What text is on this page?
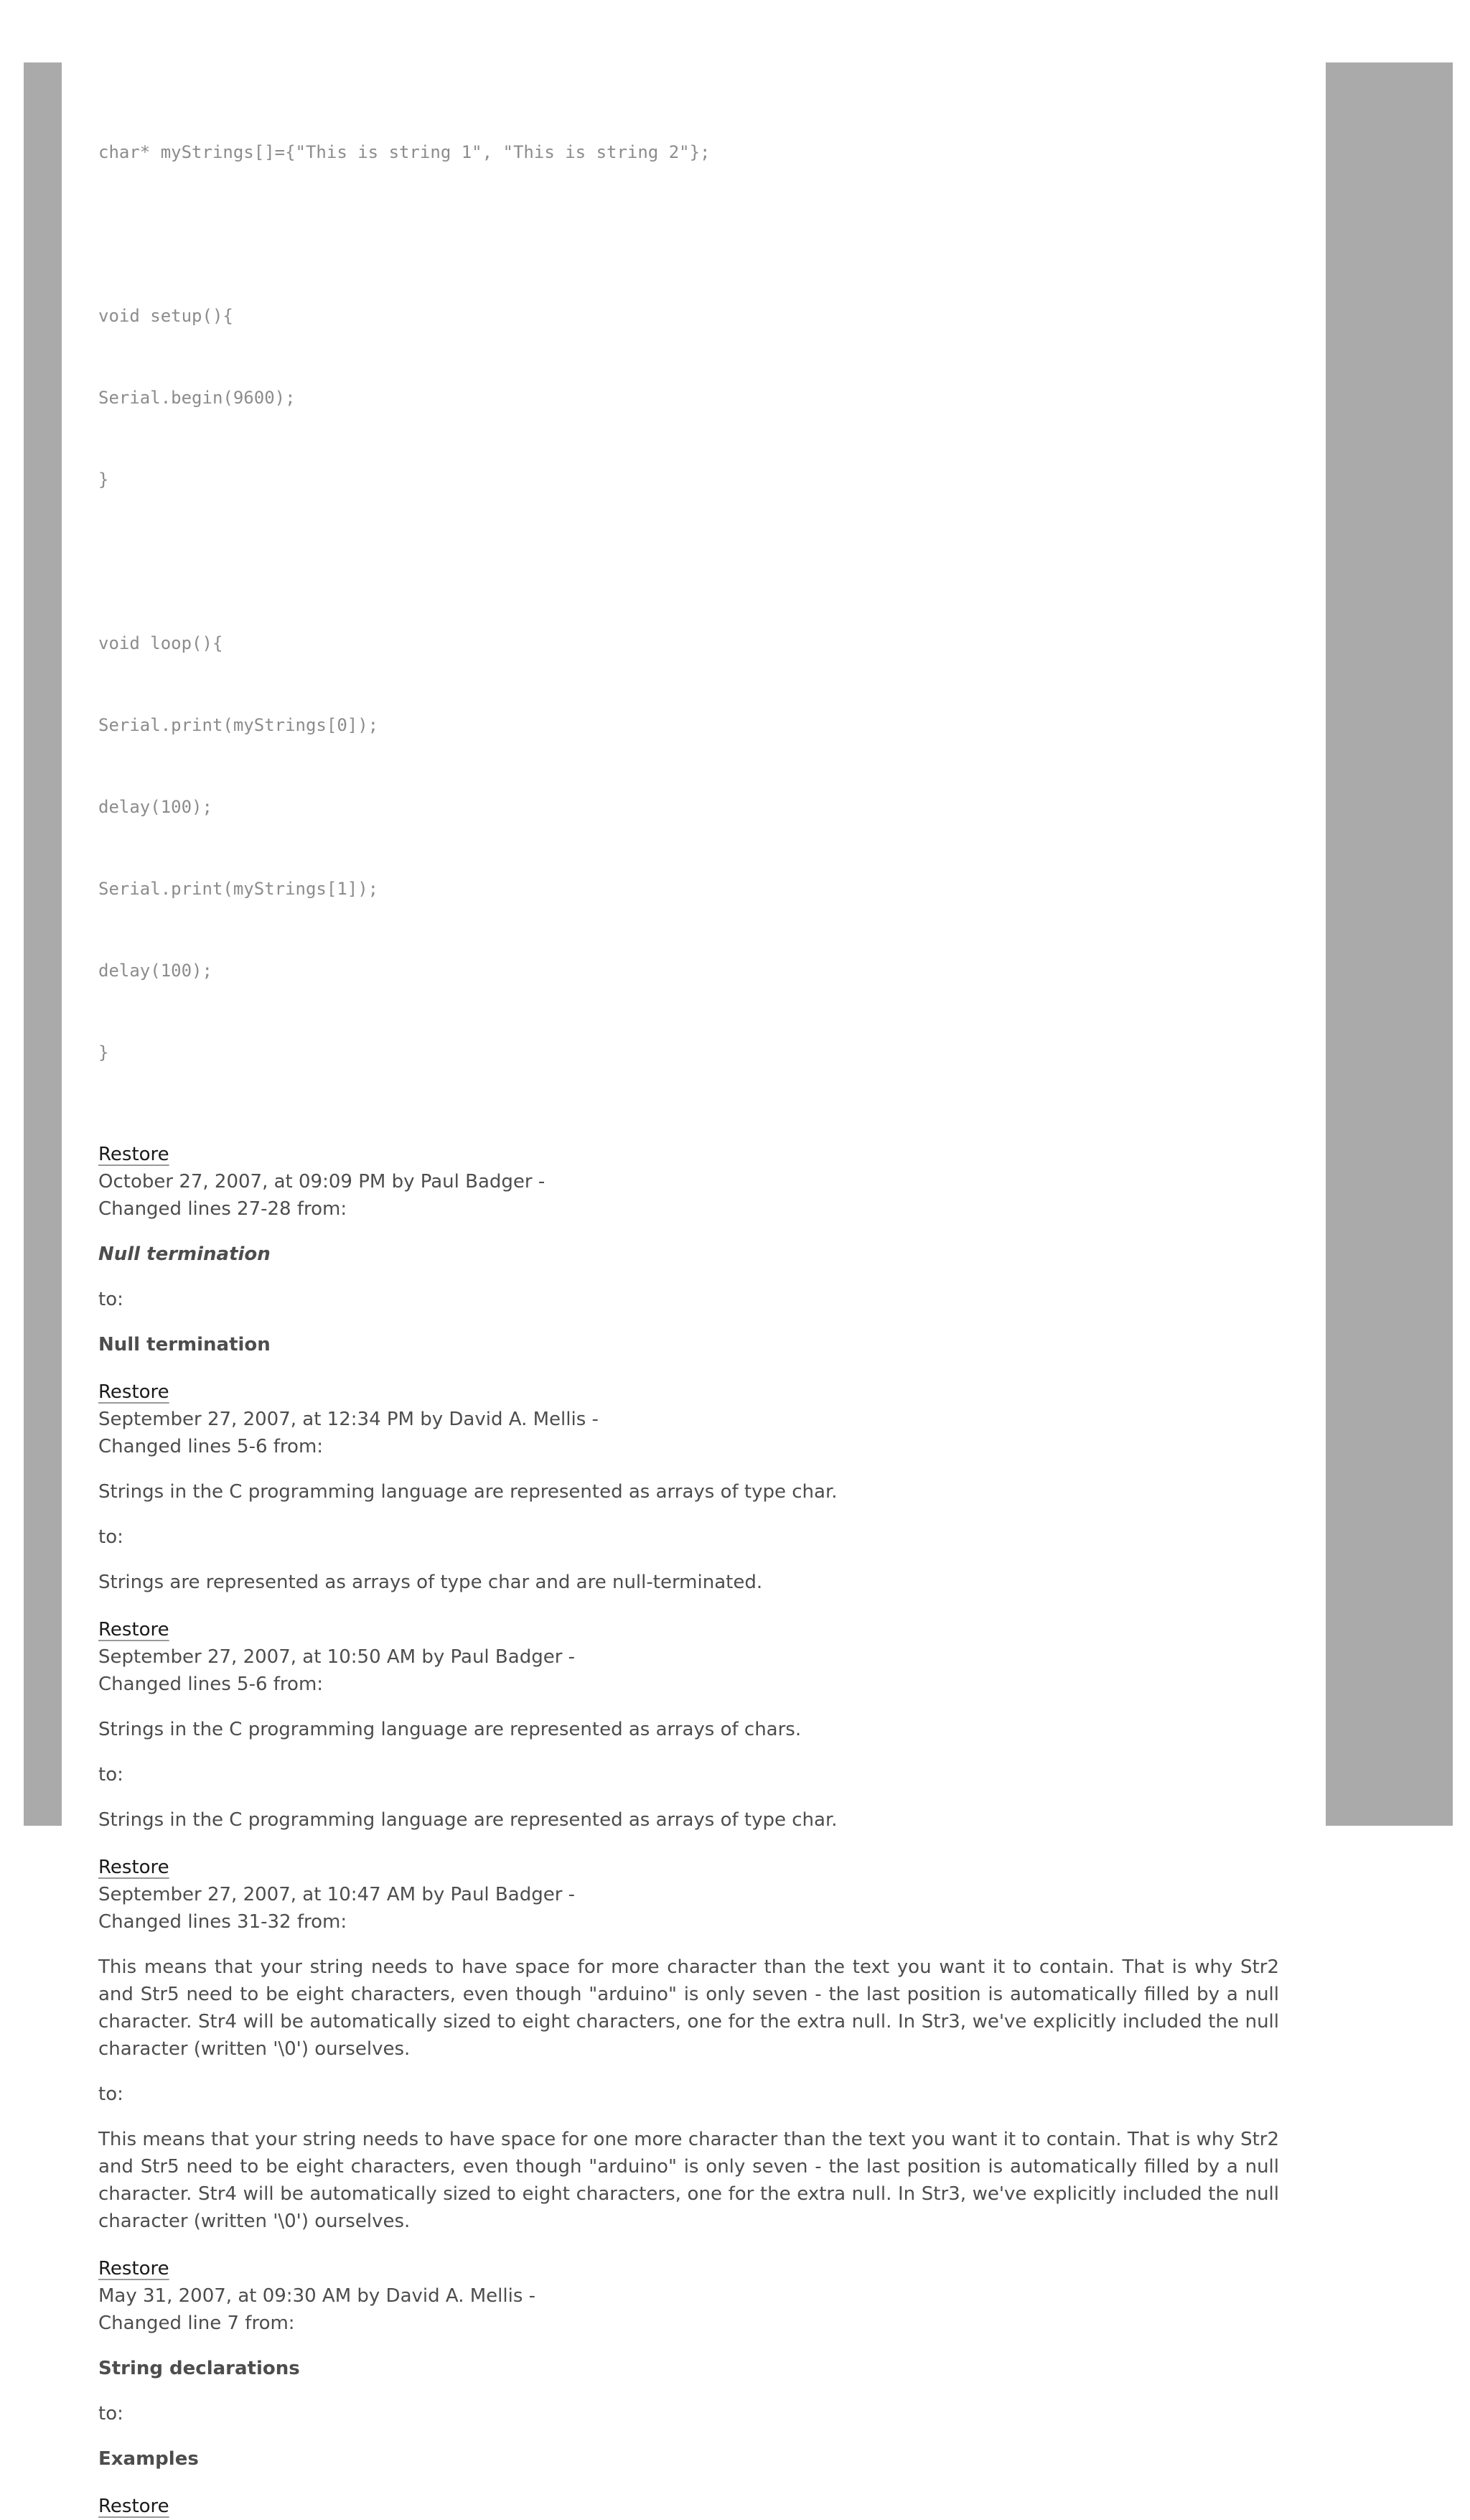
char* myStrings[]={"This is string 1", "This is string 2"};

void setup(){

Serial.begin(9600);

}

void loop(){

Serial.print(myStrings[0]);

delay(100);

Serial.print(myStrings[1]);

delay(100);

}

Restore
October 27, 2007, at 09:09 PM by Paul Badger -
Changed lines 27-28 from:

Null termination

to:

Null termination

Restore
September 27, 2007, at 12:34 PM by David A. Mellis -
Changed lines 5-6 from:

Strings in the C programming language are represented as arrays of type char.

to:

Strings are represented as arrays of type char and are null-terminated.

Restore
September 27, 2007, at 10:50 AM by Paul Badger -
Changed lines 5-6 from:

Strings in the C programming language are represented as arrays of chars.

to:

Strings in the C programming language are represented as arrays of type char.

Restore
September 27, 2007, at 10:47 AM by Paul Badger -
Changed lines 31-32 from:

This means that your string needs to have space for more character than the text you want it to contain. That is why Str2 and Str5 need to be eight characters, even though "arduino" is only seven - the last position is automatically filled by a null character. Str4 will be automatically sized to eight characters, one for the extra null. In Str3, we've explicitly included the null character (written '\0') ourselves.

to:

This means that your string needs to have space for one more character than the text you want it to contain. That is why Str2 and Str5 need to be eight characters, even though "arduino" is only seven - the last position is automatically filled by a null character. Str4 will be automatically sized to eight characters, one for the extra null. In Str3, we've explicitly included the null character (written '\0') ourselves.

Restore
May 31, 2007, at 09:30 AM by David A. Mellis -
Changed line 7 from:

String declarations

to:

Examples

Restore
